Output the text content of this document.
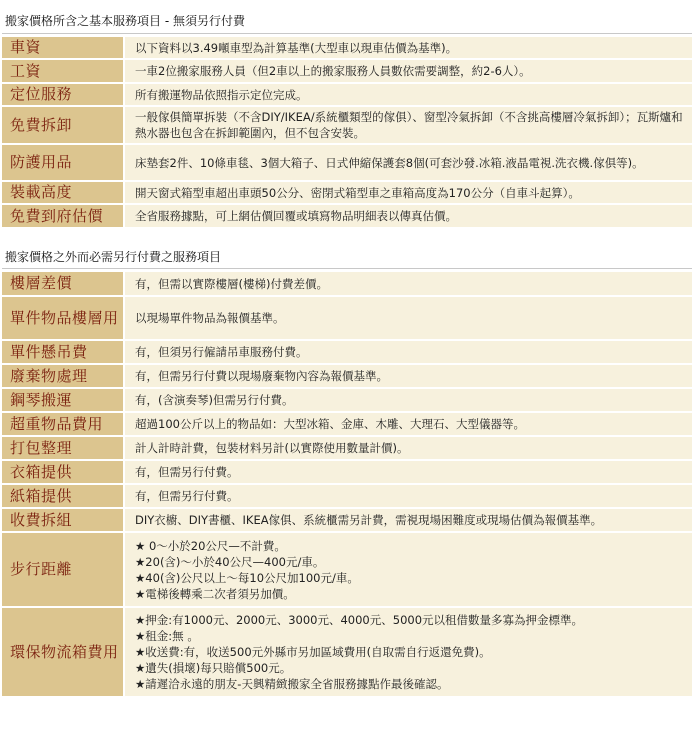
搬家價格所含之基本服務項目 - 無須另行付費
車資	以下資料以3.49噸車型為計算基準(大型車以現車估價為基準)。

工資	一車2位搬家服務人員（但2車以上的搬家服務人員數依需要調整，約2-6人）。

定位服務	所有搬運物品依照指示定位完成。

免費拆卸	一般傢俱簡單拆裝（不含DIY/IKEA/系統櫃類型的傢俱）、窗型冷氣拆卸（不含挑高樓層冷氣拆卸）；瓦斯爐和熱水器也包含在拆卸範圍內，但不包含安裝。

防護用品	床墊套2件、10條車毯、3個大箱子、日式伸縮保護套8個(可套沙發.冰箱.液晶電視.洗衣機.傢俱等)。

裝載高度	開天窗式箱型車超出車頭50公分、密閉式箱型車之車箱高度為170公分（自車斗起算）。

免費到府估價	全省服務據點，可上網估價回覆或填寫物品明細表以傳真估價。
搬家價格之外而必需另行付費之服務項目
樓層差價	有，但需以實際樓層(樓梯)付費差價。

單件物品樓層用	以現場單件物品為報價基準。

單件懸吊費	有，但須另行僱請吊車服務付費。

廢棄物處理	有，但需另行付費以現場廢棄物內容為報價基準。

鋼琴搬運	有，(含演奏琴)但需另行付費。

超重物品費用	超過100公斤以上的物品如：大型冰箱、金庫、木雕、大理石、大型儀器等。

打包整理	計人計時計費，包裝材料另計(以實際使用數量計價)。

衣箱提供	有，但需另行付費。

紙箱提供	有，但需另行付費。

收費拆組	DIY衣櫥、DIY書櫃、IKEA傢俱、系統櫃需另計費，需視現場困難度或現場估價為報價基準。

步行距離	★ 0～小於20公尺—不計費。
★20(含)～小於40公尺—400元/車。
★40(含)公尺以上～每10公尺加100元/車。
★電梯後轉乘二次者須另加價。

環保物流箱費用	★押金:有1000元、2000元、3000元、4000元、5000元以租借數量多寡為押金標準。
★租金:無 。
★收送費:有，收送500元外縣市另加區域費用(自取需自行返還免費)。
★遺失(損壞)每只賠償500元。
★請遲洽永遠的朋友-天興精緻搬家全省服務據點作最後確認。
